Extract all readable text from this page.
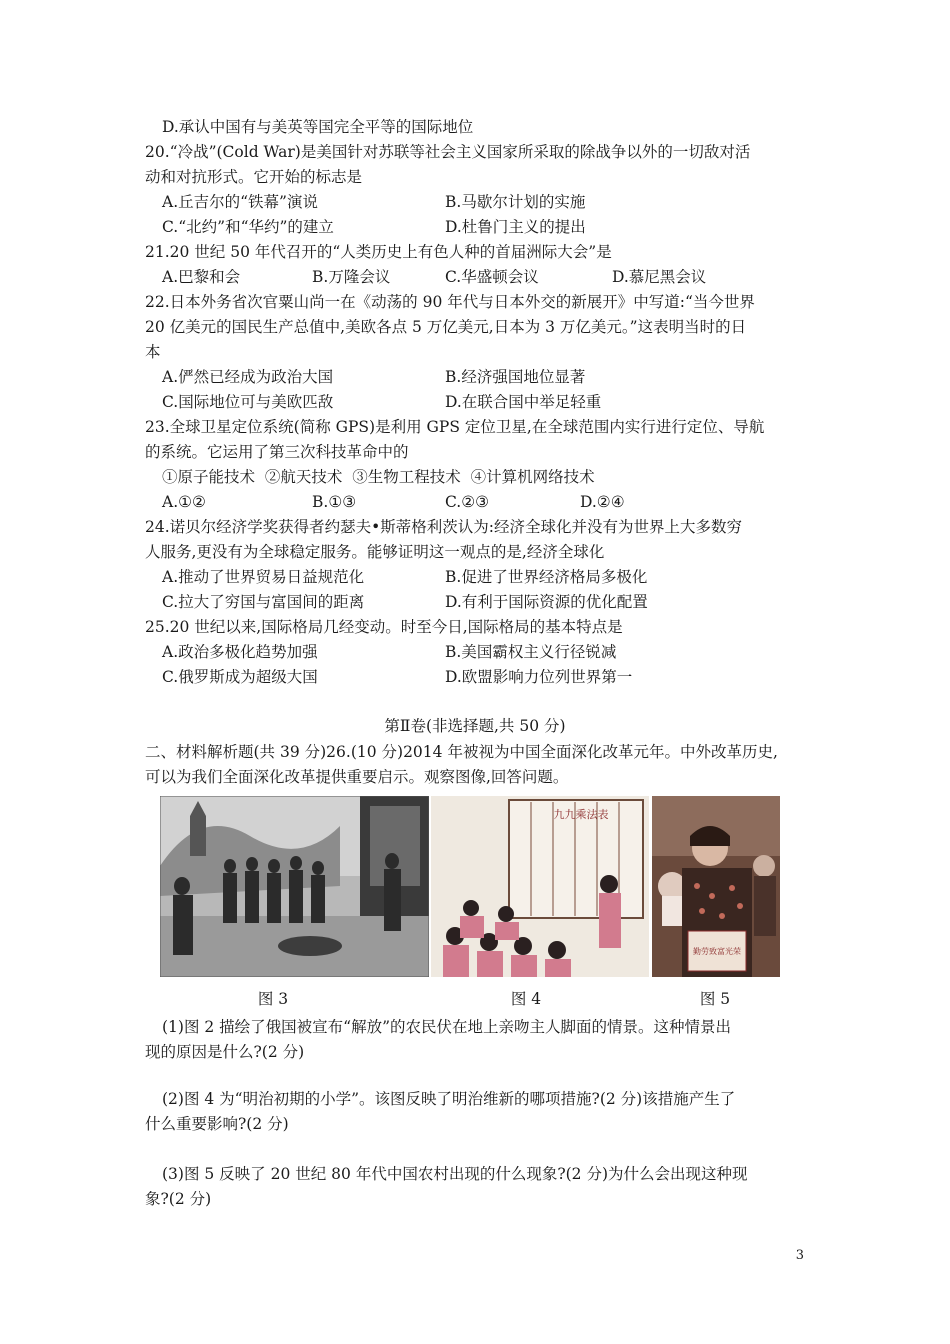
D.承认中国有与美英等国完全平等的国际地位
20.“冷战”(Cold War)是美国针对苏联等社会主义国家所采取的除战争以外的一切敌对活
动和对抗形式。它开始的标志是
A.丘吉尔的“铁幕”演说	B.马歇尔计划的实施
C.“北约”和“华约”的建立	D.杜鲁门主义的提出
21.20 世纪 50 年代召开的“人类历史上有色人种的首届洲际大会”是
A.巴黎和会	B.万隆会议	C.华盛顿会议	D.慕尼黑会议
22.日本外务省次官粟山尚一在《动荡的 90 年代与日本外交的新展开》中写道:“当今世界
20 亿美元的国民生产总值中,美欧各点 5 万亿美元,日本为 3 万亿美元。”这表明当时的日
本
A.俨然已经成为政治大国	B.经济强国地位显著
C.国际地位可与美欧匹敌	D.在联合国中举足轻重
23.全球卫星定位系统(简称 GPS)是利用 GPS 定位卫星,在全球范围内实行进行定位、导航
的系统。它运用了第三次科技革命中的
①原子能技术  ②航天技术  ③生物工程技术  ④计算机网络技术
A.①②	B.①③	C.②③	D.②④
24.诺贝尔经济学奖获得者约瑟夫•斯蒂格利茨认为:经济全球化并没有为世界上大多数穷
人服务,更没有为全球稳定服务。能够证明这一观点的是,经济全球化
A.推动了世界贸易日益规范化	B.促进了世界经济格局多极化
C.拉大了穷国与富国间的距离	D.有利于国际资源的优化配置
25.20 世纪以来,国际格局几经变动。时至今日,国际格局的基本特点是
A.政治多极化趋势加强	B.美国霸权主义行径锐减
C.俄罗斯成为超级大国	D.欧盟影响力位列世界第一
第Ⅱ卷(非选择题,共 50 分)
二、材料解析题(共 39 分)26.(10 分)2014 年被视为中国全面深化改革元年。中外改革历史,
可以为我们全面深化改革提供重要启示。观察图像,回答问题。
九九乘法表
勤劳致富光荣
图 3	图 4	图 5
(1)图 2 描绘了俄国被宣布“解放”的农民伏在地上亲吻主人脚面的情景。这种情景出
现的原因是什么?(2 分)
(2)图 4 为“明治初期的小学”。该图反映了明治维新的哪项措施?(2 分)该措施产生了
什么重要影响?(2 分)
(3)图 5 反映了 20 世纪 80 年代中国农村出现的什么现象?(2 分)为什么会出现这种现
象?(2 分)
3
